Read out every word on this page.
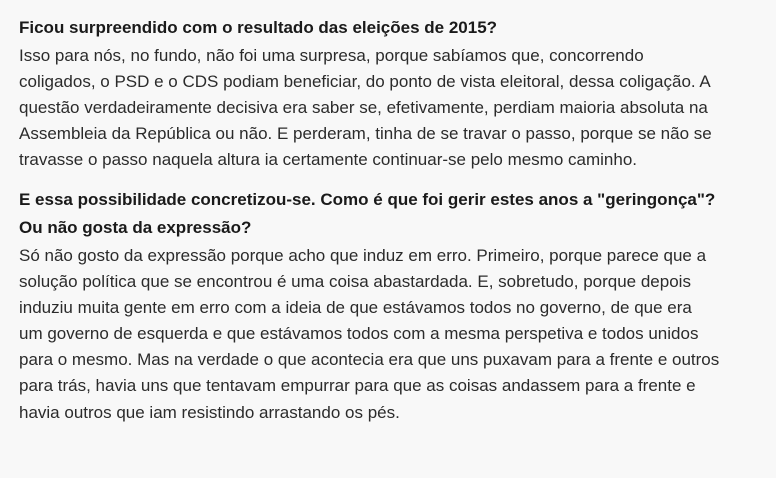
Ficou surpreendido com o resultado das eleições de 2015?

Isso para nós, no fundo, não foi uma surpresa, porque sabíamos que, concorrendo
coligados, o PSD e o CDS podiam beneficiar, do ponto de vista eleitoral, dessa coligação. A
questão verdadeiramente decisiva era saber se, efetivamente, perdiam maioria absoluta na
Assembleia da República ou não. E perderam, tinha de se travar o passo, porque se não se
travasse o passo naquela altura ia certamente continuar-se pelo mesmo caminho.

E essa possibilidade concretizou-se. Como é que foi gerir estes anos a "geringonça"?
Ou não gosta da expressão?

Só não gosto da expressão porque acho que induz em erro. Primeiro, porque parece que a
solução política que se encontrou é uma coisa abastardada. E, sobretudo, porque depois
induziu muita gente em erro com a ideia de que estávamos todos no governo, de que era
um governo de esquerda e que estávamos todos com a mesma perspetiva e todos unidos
para o mesmo. Mas na verdade o que acontecia era que uns puxavam para a frente e outros
para trás, havia uns que tentavam empurrar para que as coisas andassem para a frente e
havia outros que iam resistindo arrastando os pés.
